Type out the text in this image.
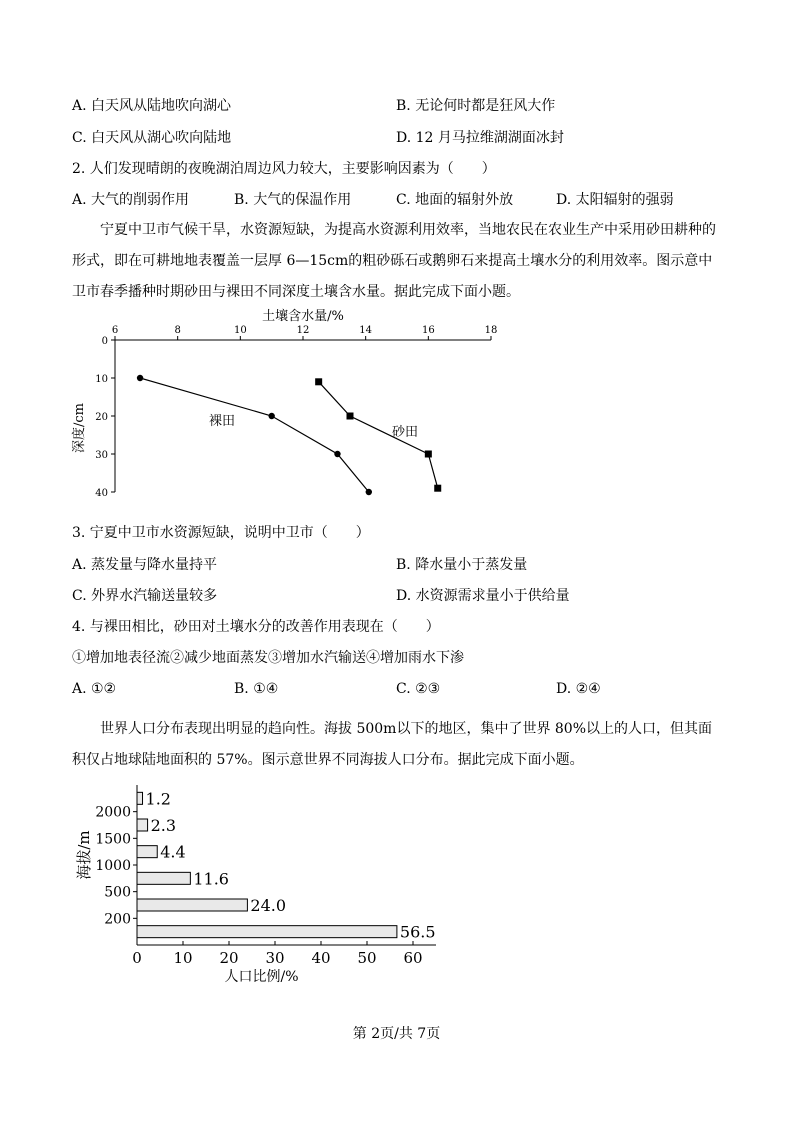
A. 白天风从陆地吹向湖心	B. 无论何时都是狂风大作
C. 白天风从湖心吹向陆地	D. 12 月马拉维湖湖面冰封
2. 人们发现晴朗的夜晚湖泊周边风力较大，主要影响因素为（　　）
A. 大气的削弱作用	B. 大气的保温作用	C. 地面的辐射外放	D. 太阳辐射的强弱
宁夏中卫市气候干旱，水资源短缺，为提高水资源利用效率，当地农民在农业生产中采用砂田耕种的形式，即在可耕地地表覆盖一层厚 6—15cm的粗砂砾石或鹅卵石来提高土壤水分的利用效率。图示意中卫市春季播种时期砂田与裸田不同深度土壤含水量。据此完成下面小题。
土壤含水量/%
6	8	10	12	14	16	18
0
10
20
30
40
深度/cm	裸田
砂田
3. 宁夏中卫市水资源短缺，说明中卫市（　　）
A. 蒸发量与降水量持平	B. 降水量小于蒸发量
C. 外界水汽输送量较多	D. 水资源需求量小于供给量
4. 与裸田相比，砂田对土壤水分的改善作用表现在（　　）
①增加地表径流②减少地面蒸发③增加水汽输送④增加雨水下渗
A. ①②	B. ①④	C. ②③	D. ②④
世界人口分布表现出明显的趋向性。海拔 500m以下的地区，集中了世界 80%以上的人口，但其面积仅占地球陆地面积的 57%。图示意世界不同海拔人口分布。据此完成下面小题。
0 10 20 30 40 50 60
人口比例/%
56.5
24.0
11.6
4.4
2.3
1.2
200
500
1000
1500
2000
海拔/m
第 2页/共 7页
